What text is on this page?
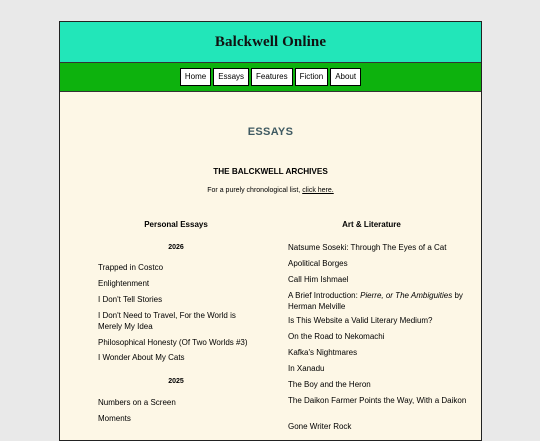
Balckwell Online
Home	Essays	Features	Fiction	About
ESSAYS
THE BALCKWELL ARCHIVES
For a purely chronological list, click here.
Personal Essays	Art & Literature
2026
Trapped in Costco
Enlightenment
I Don't Tell Stories
I Don't Need to Travel, For the World is Merely My Idea
Philosophical Honesty (Of Two Worlds #3)
I Wonder About My Cats
2025
Numbers on a Screen
Moments
Natsume Soseki: Through The Eyes of a Cat
Apolitical Borges
Call Him Ishmael
A Brief Introduction: Pierre, or The Ambiguities by Herman Melville
Is This Website a Valid Literary Medium?
On the Road to Nekomachi
Kafka's Nightmares
In Xanadu
The Boy and the Heron
The Daikon Farmer Points the Way, With a Daikon
Gone Writer Rock
